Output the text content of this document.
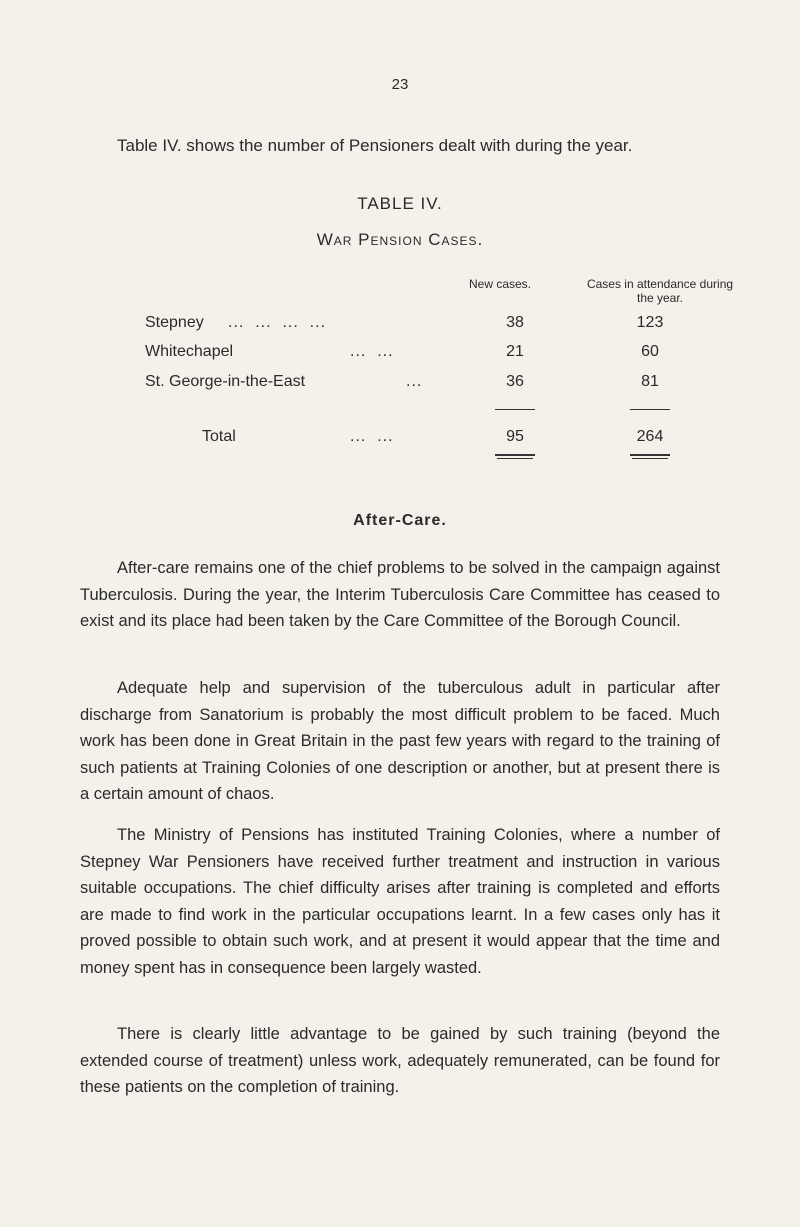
23
Table IV. shows the number of Pensioners dealt with during the year.
TABLE IV.
War Pension Cases.
New cases.	Cases in attendance during the year.
Stepney ...  ...  ...  ...	38	123
Whitechapel	...  ...	21	60
St. George-in-the-East	...	36	81
Total	...  ...	95	264
After-Care.

After-care remains one of the chief problems to be solved in the campaign against Tuberculosis. During the year, the Interim Tuberculosis Care Committee has ceased to exist and its place had been taken by the Care Committee of the Borough Council.

Adequate help and supervision of the tuberculous adult in particular after discharge from Sanatorium is probably the most difficult problem to be faced. Much work has been done in Great Britain in the past few years with regard to the training of such patients at Training Colonies of one description or another, but at present there is a certain amount of chaos.

The Ministry of Pensions has instituted Training Colonies, where a number of Stepney War Pensioners have received further treatment and instruction in various suitable occupations. The chief difficulty arises after training is completed and efforts are made to find work in the particular occupations learnt. In a few cases only has it proved possible to obtain such work, and at present it would appear that the time and money spent has in consequence been largely wasted.

There is clearly little advantage to be gained by such training (beyond the extended course of treatment) unless work, adequately remunerated, can be found for these patients on the completion of training.
